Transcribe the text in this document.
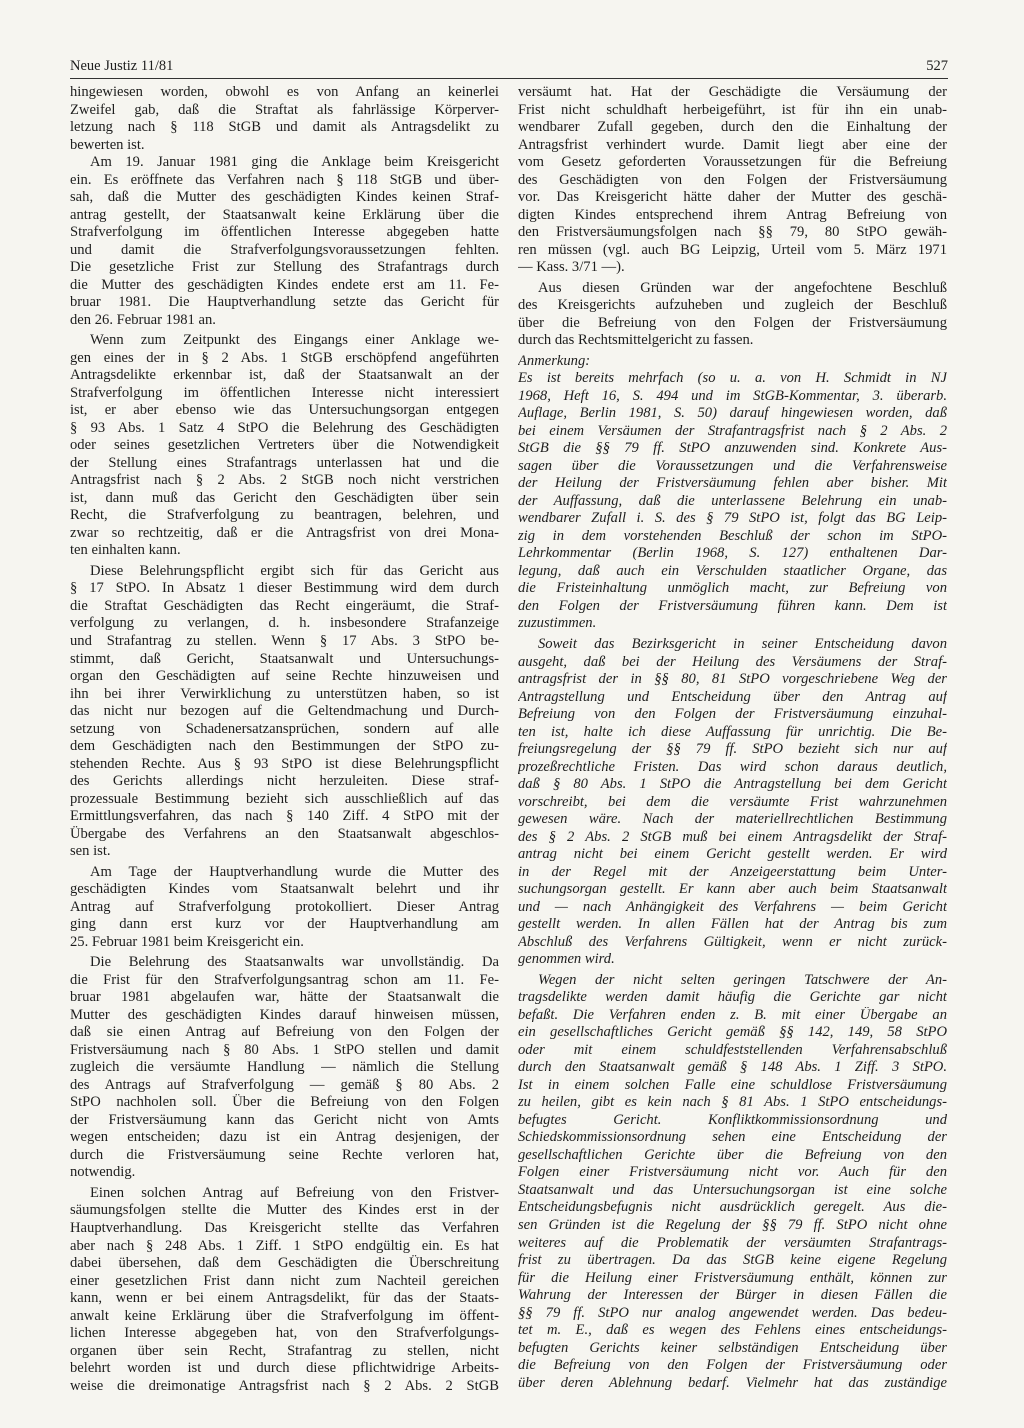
Neue Justiz 11/81	527
hingewiesen worden, obwohl es von Anfang an keinerlei
Zweifel gab, daß die Straftat als fahrlässige Körperver-
letzung nach § 118 StGB und damit als Antragsdelikt zu
bewerten ist.
Am 19. Januar 1981 ging die Anklage beim Kreisgericht
ein. Es eröffnete das Verfahren nach § 118 StGB und über-
sah, daß die Mutter des geschädigten Kindes keinen Straf-
antrag gestellt, der Staatsanwalt keine Erklärung über die
Strafverfolgung im öffentlichen Interesse abgegeben hatte
und damit die Strafverfolgungsvoraussetzungen fehlten.
Die gesetzliche Frist zur Stellung des Strafantrags durch
die Mutter des geschädigten Kindes endete erst am 11. Fe-
bruar 1981. Die Hauptverhandlung setzte das Gericht für
den 26. Februar 1981 an.
Wenn zum Zeitpunkt des Eingangs einer Anklage we-
gen eines der in § 2 Abs. 1 StGB erschöpfend angeführten
Antragsdelikte erkennbar ist, daß der Staatsanwalt an der
Strafverfolgung im öffentlichen Interesse nicht interessiert
ist, er aber ebenso wie das Untersuchungsorgan entgegen
§ 93 Abs. 1 Satz 4 StPO die Belehrung des Geschädigten
oder seines gesetzlichen Vertreters über die Notwendigkeit
der Stellung eines Strafantrags unterlassen hat und die
Antragsfrist nach § 2 Abs. 2 StGB noch nicht verstrichen
ist, dann muß das Gericht den Geschädigten über sein
Recht, die Strafverfolgung zu beantragen, belehren, und
zwar so rechtzeitig, daß er die Antragsfrist von drei Mona-
ten einhalten kann.
Diese Belehrungspflicht ergibt sich für das Gericht aus
§ 17 StPO. In Absatz 1 dieser Bestimmung wird dem durch
die Straftat Geschädigten das Recht eingeräumt, die Straf-
verfolgung zu verlangen, d. h. insbesondere Strafanzeige
und Strafantrag zu stellen. Wenn § 17 Abs. 3 StPO be-
stimmt, daß Gericht, Staatsanwalt und Untersuchungs-
organ den Geschädigten auf seine Rechte hinzuweisen und
ihn bei ihrer Verwirklichung zu unterstützen haben, so ist
das nicht nur bezogen auf die Geltendmachung und Durch-
setzung von Schadenersatzansprüchen, sondern auf alle
dem Geschädigten nach den Bestimmungen der StPO zu-
stehenden Rechte. Aus § 93 StPO ist diese Belehrungspflicht
des Gerichts allerdings nicht herzuleiten. Diese straf-
prozessuale Bestimmung bezieht sich ausschließlich auf das
Ermittlungsverfahren, das nach § 140 Ziff. 4 StPO mit der
Übergabe des Verfahrens an den Staatsanwalt abgeschlos-
sen ist.
Am Tage der Hauptverhandlung wurde die Mutter des
geschädigten Kindes vom Staatsanwalt belehrt und ihr
Antrag auf Strafverfolgung protokolliert. Dieser Antrag
ging dann erst kurz vor der Hauptverhandlung am
25. Februar 1981 beim Kreisgericht ein.
Die Belehrung des Staatsanwalts war unvollständig. Da
die Frist für den Strafverfolgungsantrag schon am 11. Fe-
bruar 1981 abgelaufen war, hätte der Staatsanwalt die
Mutter des geschädigten Kindes darauf hinweisen müssen,
daß sie einen Antrag auf Befreiung von den Folgen der
Fristversäumung nach § 80 Abs. 1 StPO stellen und damit
zugleich die versäumte Handlung — nämlich die Stellung
des Antrags auf Strafverfolgung — gemäß § 80 Abs. 2
StPO nachholen soll. Über die Befreiung von den Folgen
der Fristversäumung kann das Gericht nicht von Amts
wegen entscheiden; dazu ist ein Antrag desjenigen, der
durch die Fristversäumung seine Rechte verloren hat,
notwendig.
Einen solchen Antrag auf Befreiung von den Fristver-
säumungsfolgen stellte die Mutter des Kindes erst in der
Hauptverhandlung. Das Kreisgericht stellte das Verfahren
aber nach § 248 Abs. 1 Ziff. 1 StPO endgültig ein. Es hat
dabei übersehen, daß dem Geschädigten die Überschreitung
einer gesetzlichen Frist dann nicht zum Nachteil gereichen
kann, wenn er bei einem Antragsdelikt, für das der Staats-
anwalt keine Erklärung über die Strafverfolgung im öffent-
lichen Interesse abgegeben hat, von den Strafverfolgungs-
organen über sein Recht, Strafantrag zu stellen, nicht
belehrt worden ist und durch diese pflichtwidrige Arbeits-
weise die dreimonatige Antragsfrist nach § 2 Abs. 2 StGB
versäumt hat. Hat der Geschädigte die Versäumung der
Frist nicht schuldhaft herbeigeführt, ist für ihn ein unab-
wendbarer Zufall gegeben, durch den die Einhaltung der
Antragsfrist verhindert wurde. Damit liegt aber eine der
vom Gesetz geforderten Voraussetzungen für die Befreiung
des Geschädigten von den Folgen der Fristversäumung
vor. Das Kreisgericht hätte daher der Mutter des geschä-
digten Kindes entsprechend ihrem Antrag Befreiung von
den Fristversäumungsfolgen nach §§ 79, 80 StPO gewäh-
ren müssen (vgl. auch BG Leipzig, Urteil vom 5. März 1971
— Kass. 3/71 —).
Aus diesen Gründen war der angefochtene Beschluß
des Kreisgerichts aufzuheben und zugleich der Beschluß
über die Befreiung von den Folgen der Fristversäumung
durch das Rechtsmittelgericht zu fassen.
Anmerkung:
Es ist bereits mehrfach (so u. a. von H. Schmidt in NJ
1968, Heft 16, S. 494 und im StGB-Kommentar, 3. überarb.
Auflage, Berlin 1981, S. 50) darauf hingewiesen worden, daß
bei einem Versäumen der Strafantragsfrist nach § 2 Abs. 2
StGB die §§ 79 ff. StPO anzuwenden sind. Konkrete Aus-
sagen über die Voraussetzungen und die Verfahrensweise
der Heilung der Fristversäumung fehlen aber bisher. Mit
der Auffassung, daß die unterlassene Belehrung ein unab-
wendbarer Zufall i. S. des § 79 StPO ist, folgt das BG Leip-
zig in dem vorstehenden Beschluß der schon im StPO-
Lehrkommentar (Berlin 1968, S. 127) enthaltenen Dar-
legung, daß auch ein Verschulden staatlicher Organe, das
die Fristeinhaltung unmöglich macht, zur Befreiung von
den Folgen der Fristversäumung führen kann. Dem ist
zuzustimmen.
Soweit das Bezirksgericht in seiner Entscheidung davon
ausgeht, daß bei der Heilung des Versäumens der Straf-
antragsfrist der in §§ 80, 81 StPO vorgeschriebene Weg der
Antragstellung und Entscheidung über den Antrag auf
Befreiung von den Folgen der Fristversäumung einzuhal-
ten ist, halte ich diese Auffassung für unrichtig. Die Be-
freiungsregelung der §§ 79 ff. StPO bezieht sich nur auf
prozeßrechtliche Fristen. Das wird schon daraus deutlich,
daß § 80 Abs. 1 StPO die Antragstellung bei dem Gericht
vorschreibt, bei dem die versäumte Frist wahrzunehmen
gewesen wäre. Nach der materiellrechtlichen Bestimmung
des § 2 Abs. 2 StGB muß bei einem Antragsdelikt der Straf-
antrag nicht bei einem Gericht gestellt werden. Er wird
in der Regel mit der Anzeigeerstattung beim Unter-
suchungsorgan gestellt. Er kann aber auch beim Staatsanwalt
und — nach Anhängigkeit des Verfahrens — beim Gericht
gestellt werden. In allen Fällen hat der Antrag bis zum
Abschluß des Verfahrens Gültigkeit, wenn er nicht zurück-
genommen wird.
Wegen der nicht selten geringen Tatschwere der An-
tragsdelikte werden damit häufig die Gerichte gar nicht
befaßt. Die Verfahren enden z. B. mit einer Übergabe an
ein gesellschaftliches Gericht gemäß §§ 142, 149, 58 StPO
oder mit einem schuldfeststellenden Verfahrensabschluß
durch den Staatsanwalt gemäß § 148 Abs. 1 Ziff. 3 StPO.
Ist in einem solchen Falle eine schuldlose Fristversäumung
zu heilen, gibt es kein nach § 81 Abs. 1 StPO entscheidungs-
befugtes Gericht. Konfliktkommissionsordnung und
Schiedskommissionsordnung sehen eine Entscheidung der
gesellschaftlichen Gerichte über die Befreiung von den
Folgen einer Fristversäumung nicht vor. Auch für den
Staatsanwalt und das Untersuchungsorgan ist eine solche
Entscheidungsbefugnis nicht ausdrücklich geregelt. Aus die-
sen Gründen ist die Regelung der §§ 79 ff. StPO nicht ohne
weiteres auf die Problematik der versäumten Strafantrags-
frist zu übertragen. Da das StGB keine eigene Regelung
für die Heilung einer Fristversäumung enthält, können zur
Wahrung der Interessen der Bürger in diesen Fällen die
§§ 79 ff. StPO nur analog angewendet werden. Das bedeu-
tet m. E., daß es wegen des Fehlens eines entscheidungs-
befugten Gerichts keiner selbständigen Entscheidung über
die Befreiung von den Folgen der Fristversäumung oder
über deren Ablehnung bedarf. Vielmehr hat das zuständige
